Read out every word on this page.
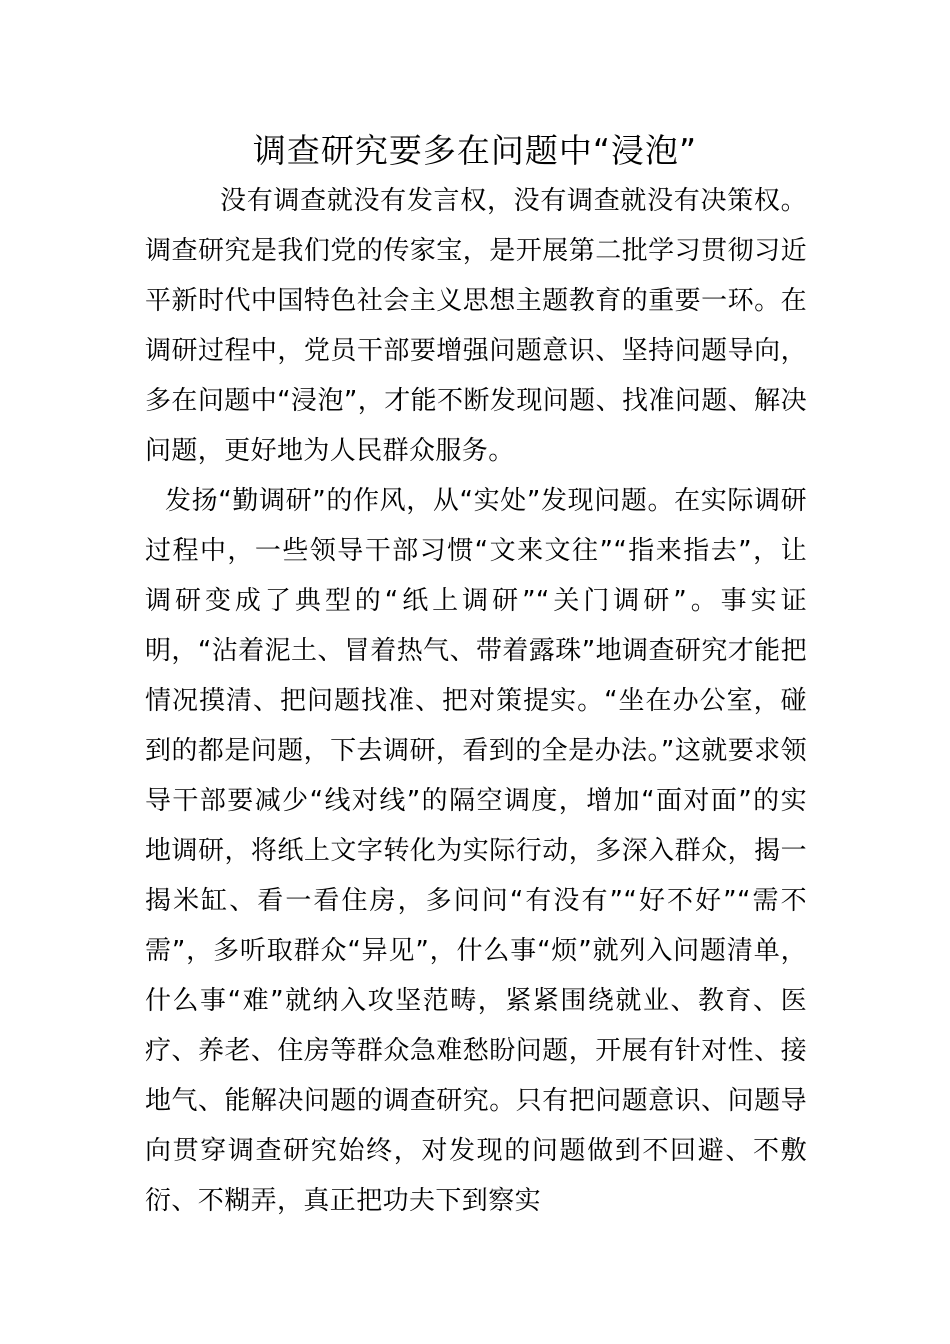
调查研究要多在问题中“浸泡”

没有调查就没有发言权，没有调查就没有决策权。调查研究是我们党的传家宝，是开展第二批学习贯彻习近平新时代中国特色社会主义思想主题教育的重要一环。在调研过程中，党员干部要增强问题意识、坚持问题导向，多在问题中“浸泡”，才能不断发现问题、找准问题、解决问题，更好地为人民群众服务。

发扬“勤调研”的作风，从“实处”发现问题。在实际调研过程中，一些领导干部习惯“文来文往”“指来指去”，让调研变成了典型的“纸上调研”“关门调研”。事实证明，“沾着泥土、冒着热气、带着露珠”地调查研究才能把情况摸清、把问题找准、把对策提实。“坐在办公室，碰到的都是问题，下去调研，看到的全是办法。”这就要求领导干部要减少“线对线”的隔空调度，增加“面对面”的实地调研，将纸上文字转化为实际行动，多深入群众，揭一揭米缸、看一看住房，多问问“有没有”“好不好”“需不需”，多听取群众“异见”，什么事“烦”就列入问题清单，什么事“难”就纳入攻坚范畴，紧紧围绕就业、教育、医疗、养老、住房等群众急难愁盼问题，开展有针对性、接地气、能解决问题的调查研究。只有把问题意识、问题导向贯穿调查研究始终，对发现的问题做到不回避、不敷衍、不糊弄，真正把功夫下到察实
